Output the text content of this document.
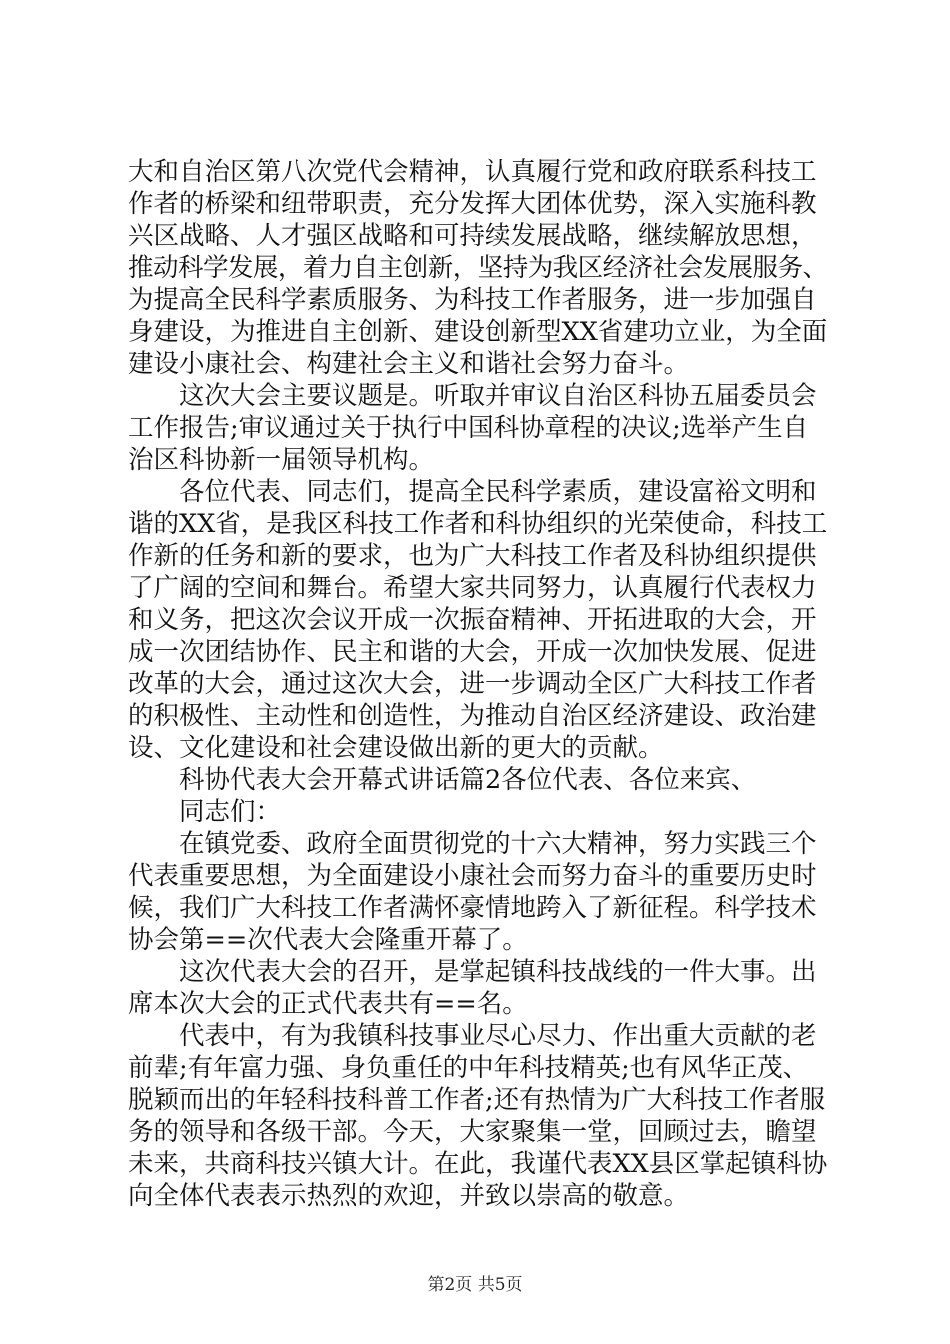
大和自治区第八次党代会精神，认真履行党和政府联系科技工
作者的桥梁和纽带职责，充分发挥大团体优势，深入实施科教
兴区战略、人才强区战略和可持续发展战略，继续解放思想，
推动科学发展，着力自主创新，坚持为我区经济社会发展服务、
为提高全民科学素质服务、为科技工作者服务，进一步加强自
身建设，为推进自主创新、建设创新型XX省建功立业，为全面
建设小康社会、构建社会主义和谐社会努力奋斗。
这次大会主要议题是。听取并审议自治区科协五届委员会
工作报告;审议通过关于执行中国科协章程的决议;选举产生自
治区科协新一届领导机构。
各位代表、同志们，提高全民科学素质，建设富裕文明和
谐的XX省，是我区科技工作者和科协组织的光荣使命，科技工
作新的任务和新的要求，也为广大科技工作者及科协组织提供
了广阔的空间和舞台。希望大家共同努力，认真履行代表权力
和义务，把这次会议开成一次振奋精神、开拓进取的大会，开
成一次团结协作、民主和谐的大会，开成一次加快发展、促进
改革的大会，通过这次大会，进一步调动全区广大科技工作者
的积极性、主动性和创造性，为推动自治区经济建设、政治建
设、文化建设和社会建设做出新的更大的贡献。
科协代表大会开幕式讲话篇2各位代表、各位来宾、
同志们：
在镇党委、政府全面贯彻党的十六大精神，努力实践三个
代表重要思想，为全面建设小康社会而努力奋斗的重要历史时
候，我们广大科技工作者满怀豪情地跨入了新征程。科学技术
协会第==次代表大会隆重开幕了。
这次代表大会的召开，是掌起镇科技战线的一件大事。出
席本次大会的正式代表共有==名。
代表中，有为我镇科技事业尽心尽力、作出重大贡献的老
前辈;有年富力强、身负重任的中年科技精英;也有风华正茂、
脱颖而出的年轻科技科普工作者;还有热情为广大科技工作者服
务的领导和各级干部。今天，大家聚集一堂，回顾过去，瞻望
未来，共商科技兴镇大计。在此，我谨代表XX县区掌起镇科协
向全体代表表示热烈的欢迎，并致以崇高的敬意。
第2页 共5页
